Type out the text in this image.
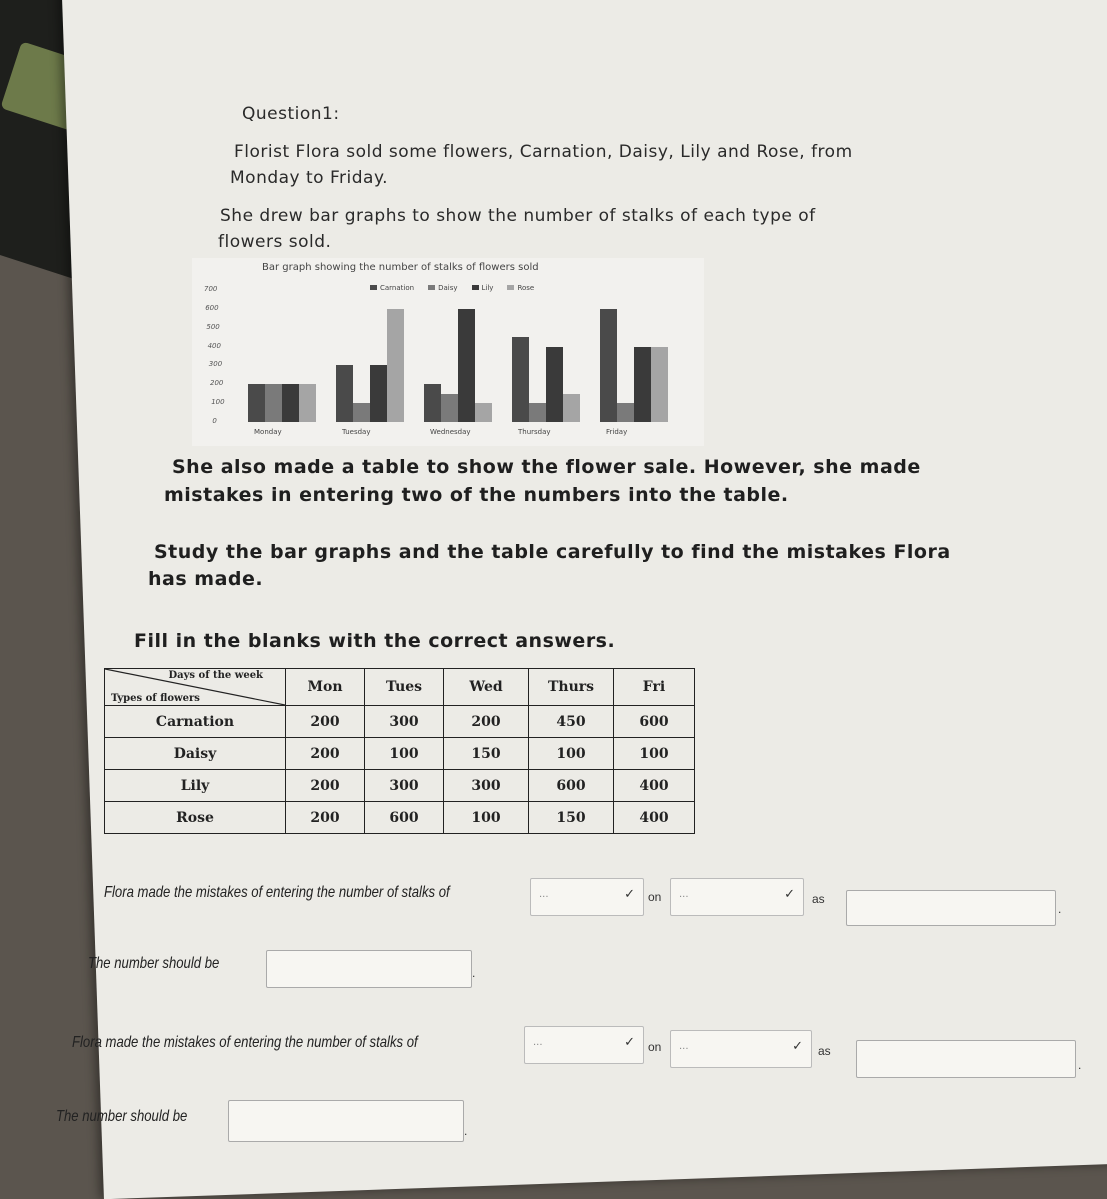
Question1:
Florist Flora sold some flowers, Carnation, Daisy, Lily and Rose, from
Monday to Friday.
She drew bar graphs to show the number of stalks of each type of
flowers sold.
Bar graph showing the number of stalks of flowers sold
Carnation	Daisy	Lily	Rose
0
100
200
300
400
500
600
700
Monday	Tuesday	Wednesday	Thursday	Friday
She also made a table to show the flower sale. However, she made
mistakes in entering two of the numbers into the table.
Study the bar graphs and the table carefully to find the mistakes Flora
has made.
Fill in the blanks with the correct answers.
Days of the week
Types of flowers	Mon	Tues	Wed	Thurs	Fri
Carnation	200	300	200	450	600
Daisy	200	100	150	100	100
Lily	200	300	300	600	400
Rose	200	600	100	150	400
Flora made the mistakes of entering the number of stalks of	...	✓ on ...	✓ as
.
The number should be
.
Flora made the mistakes of entering the number of stalks of	...	✓ on ...	✓ as
.
The number should be
.
